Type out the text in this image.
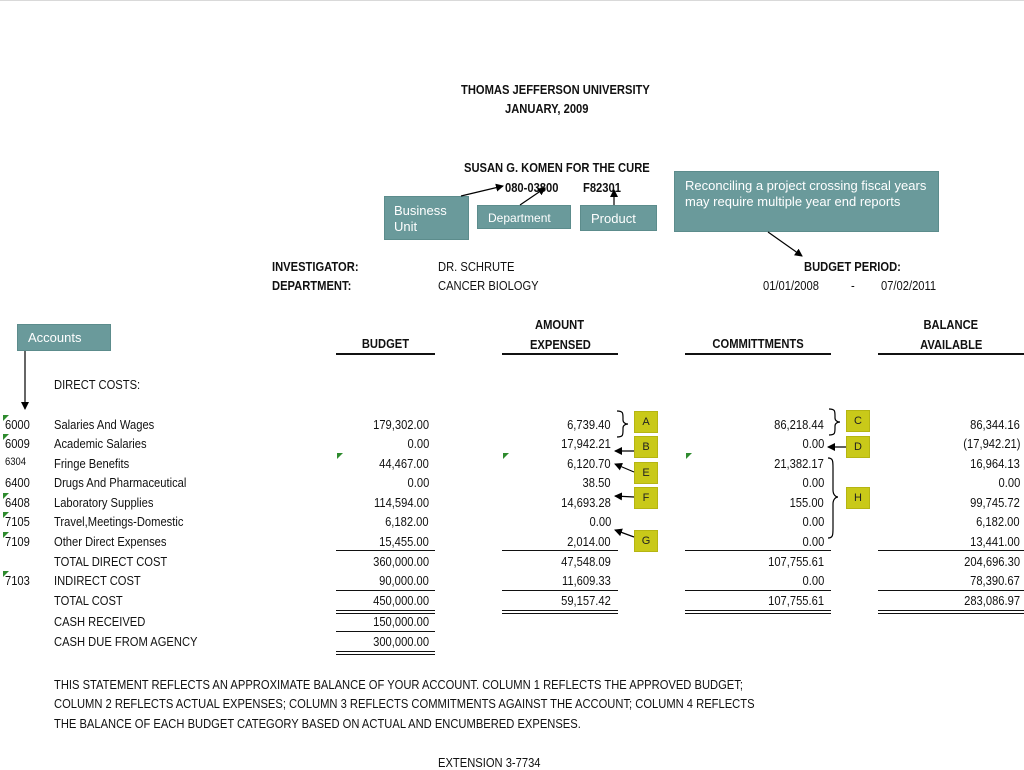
THOMAS JEFFERSON UNIVERSITY
JANUARY, 2009
SUSAN G. KOMEN FOR THE CURE
080-03800 F82301
Business Unit
Department	Product
Reconciling a project crossing fiscal years may require multiple year end reports
Accounts
INVESTIGATOR:	DR. SCHRUTE
DEPARTMENT:	CANCER BIOLOGY
BUDGET PERIOD:
01/01/2008 - 07/02/2011
BUDGET
AMOUNT
EXPENSED	COMMITTMENTS
BALANCE
AVAILABLE
DIRECT COSTS:
6000 Salaries And Wages	179,302.00	6,739.40	86,218.44	86,344.16
6009 Academic Salaries	0.00	17,942.21	0.00	(17,942.21)
6304 Fringe Benefits	44,467.00	6,120.70	21,382.17	16,964.13
6400 Drugs And Pharmaceutical	0.00	38.50	0.00	0.00
6408 Laboratory Supplies	114,594.00	14,693.28	155.00	99,745.72
7105 Travel,Meetings-Domestic	6,182.00	0.00	0.00	6,182.00
7109 Other Direct Expenses	15,455.00	2,014.00	0.00	13,441.00
TOTAL DIRECT COST	360,000.00	47,548.09	107,755.61	204,696.30
7103 INDIRECT COST	90,000.00	11,609.33	0.00	78,390.67
TOTAL COST	450,000.00	59,157.42	107,755.61	283,086.97
CASH RECEIVED	150,000.00
CASH DUE FROM AGENCY	300,000.00
THIS STATEMENT REFLECTS AN APPROXIMATE BALANCE OF YOUR ACCOUNT. COLUMN 1 REFLECTS THE APPROVED BUDGET;
COLUMN 2 REFLECTS ACTUAL EXPENSES; COLUMN 3 REFLECTS COMMITMENTS AGAINST THE ACCOUNT; COLUMN 4 REFLECTS
THE BALANCE OF EACH BUDGET CATEGORY BASED ON ACTUAL AND ENCUMBERED EXPENSES.
EXTENSION 3-7734
A
B
E
F
G
C
D
H
